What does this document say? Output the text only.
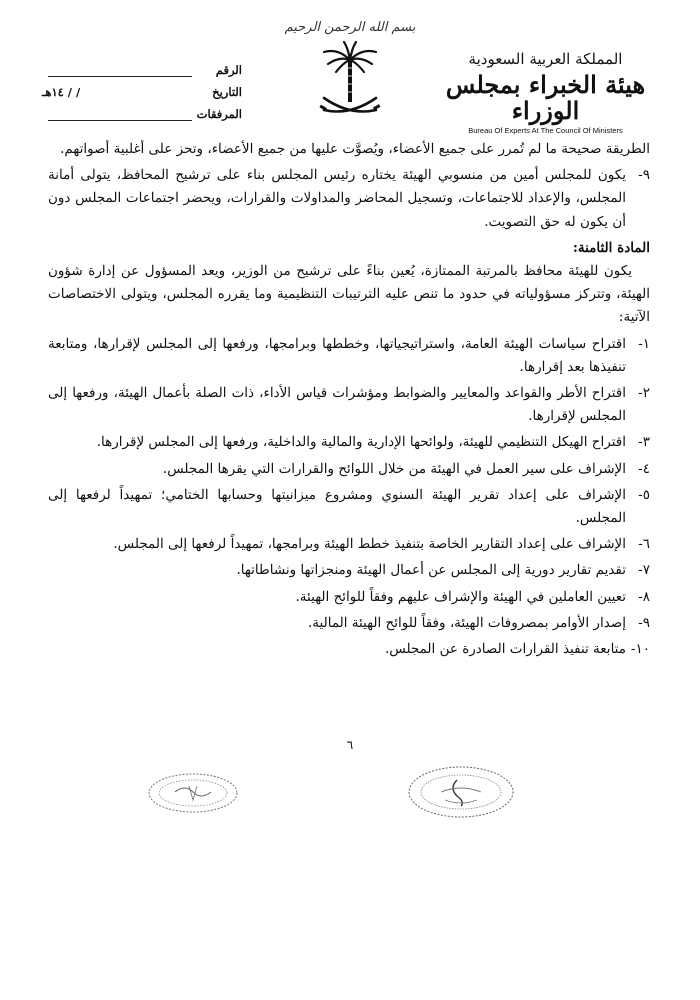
بسم الله الرحمن الرحيم
المملكة العربية السعودية
هيئة الخبراء بمجلس الوزراء
Bureau Of Experts At The Council Of Ministers
الرقم
التاريخ
/ / ١٤هـ
المرفقات

الطريقة صحيحة ما لم تُمرر على جميع الأعضاء، ويُصوَّت عليها من جميع الأعضاء، وتحز على أغلبية أصواتهم.

٩-
يكون للمجلس أمين من منسوبي الهيئة يختاره رئيس المجلس بناء على ترشيح المحافظ، يتولى أمانة المجلس، والإعداد للاجتماعات، وتسجيل المحاضر والمداولات والقرارات، ويحضر اجتماعات المجلس دون أن يكون له حق التصويت.

المادة الثامنة:

يكون للهيئة محافظ بالمرتبة الممتازة، يُعين بناءً على ترشيح من الوزير، ويعد المسؤول عن إدارة شؤون الهيئة، وتتركز مسؤولياته في حدود ما تنص عليه الترتيبات التنظيمية وما يقرره المجلس، ويتولى الاختصاصات الآتية:

١-
اقتراح سياسات الهيئة العامة، واستراتيجياتها، وخططها وبرامجها، ورفعها إلى المجلس لإقرارها، ومتابعة تنفيذها بعد إقرارها.
٢-
اقتراح الأطر والقواعد والمعايير والضوابط ومؤشرات قياس الأداء، ذات الصلة بأعمال الهيئة، ورفعها إلى المجلس لإقرارها.
٣-
اقتراح الهيكل التنظيمي للهيئة، ولوائحها الإدارية والمالية والداخلية، ورفعها إلى المجلس لإقرارها.
٤-
الإشراف على سير العمل في الهيئة من خلال اللوائح والقرارات التي يقرها المجلس.
٥-
الإشراف على إعداد تقرير الهيئة السنوي ومشروع ميزانيتها وحسابها الختامي؛ تمهيداً لرفعها إلى المجلس.
٦-
الإشراف على إعداد التقارير الخاصة بتنفيذ خطط الهيئة وبرامجها، تمهيداً لرفعها إلى المجلس.
٧-
تقديم تقارير دورية إلى المجلس عن أعمال الهيئة ومنجزاتها ونشاطاتها.
٨-
تعيين العاملين في الهيئة والإشراف عليهم وفقاً للوائح الهيئة.
٩-
إصدار الأوامر بمصروفات الهيئة، وفقاً للوائح الهيئة المالية.
١٠-
متابعة تنفيذ القرارات الصادرة عن المجلس.
٦
